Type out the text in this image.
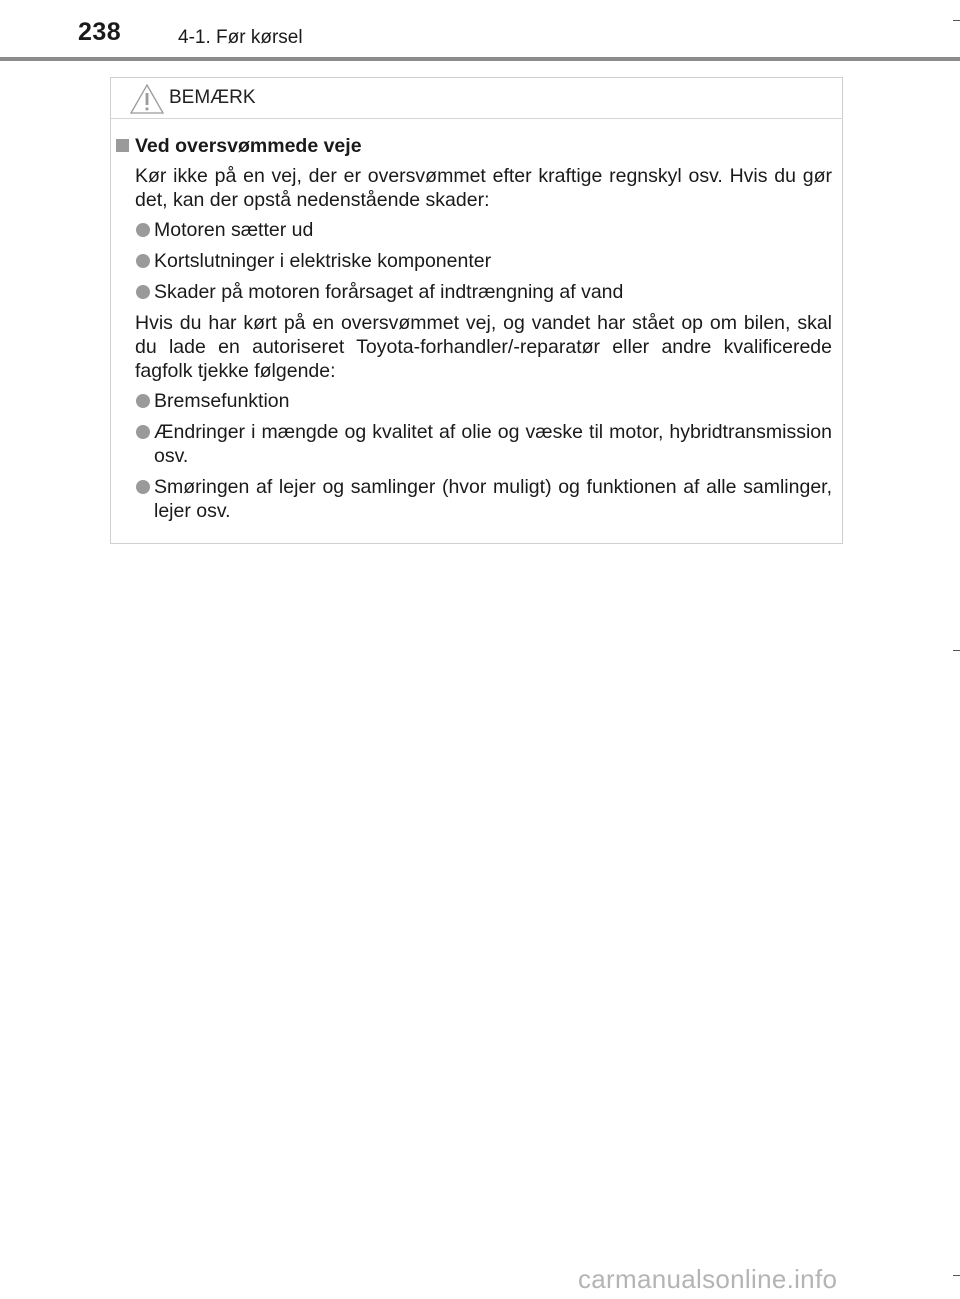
238	4-1. Før kørsel
BEMÆRK
Ved oversvømmede veje
Kør ikke på en vej, der er oversvømmet efter kraftige regnskyl osv. Hvis du gør det, kan der opstå nedenstående skader:
Motoren sætter ud
Kortslutninger i elektriske komponenter
Skader på motoren forårsaget af indtrængning af vand
Hvis du har kørt på en oversvømmet vej, og vandet har stået op om bilen, skal du lade en autoriseret Toyota-forhandler/-reparatør eller andre kvalificerede fagfolk tjekke følgende:
Bremsefunktion
Ændringer i mængde og kvalitet af olie og væske til motor, hybridtransmission osv.
Smøringen af lejer og samlinger (hvor muligt) og funktionen af alle samlinger, lejer osv.
carmanualsonline.info
